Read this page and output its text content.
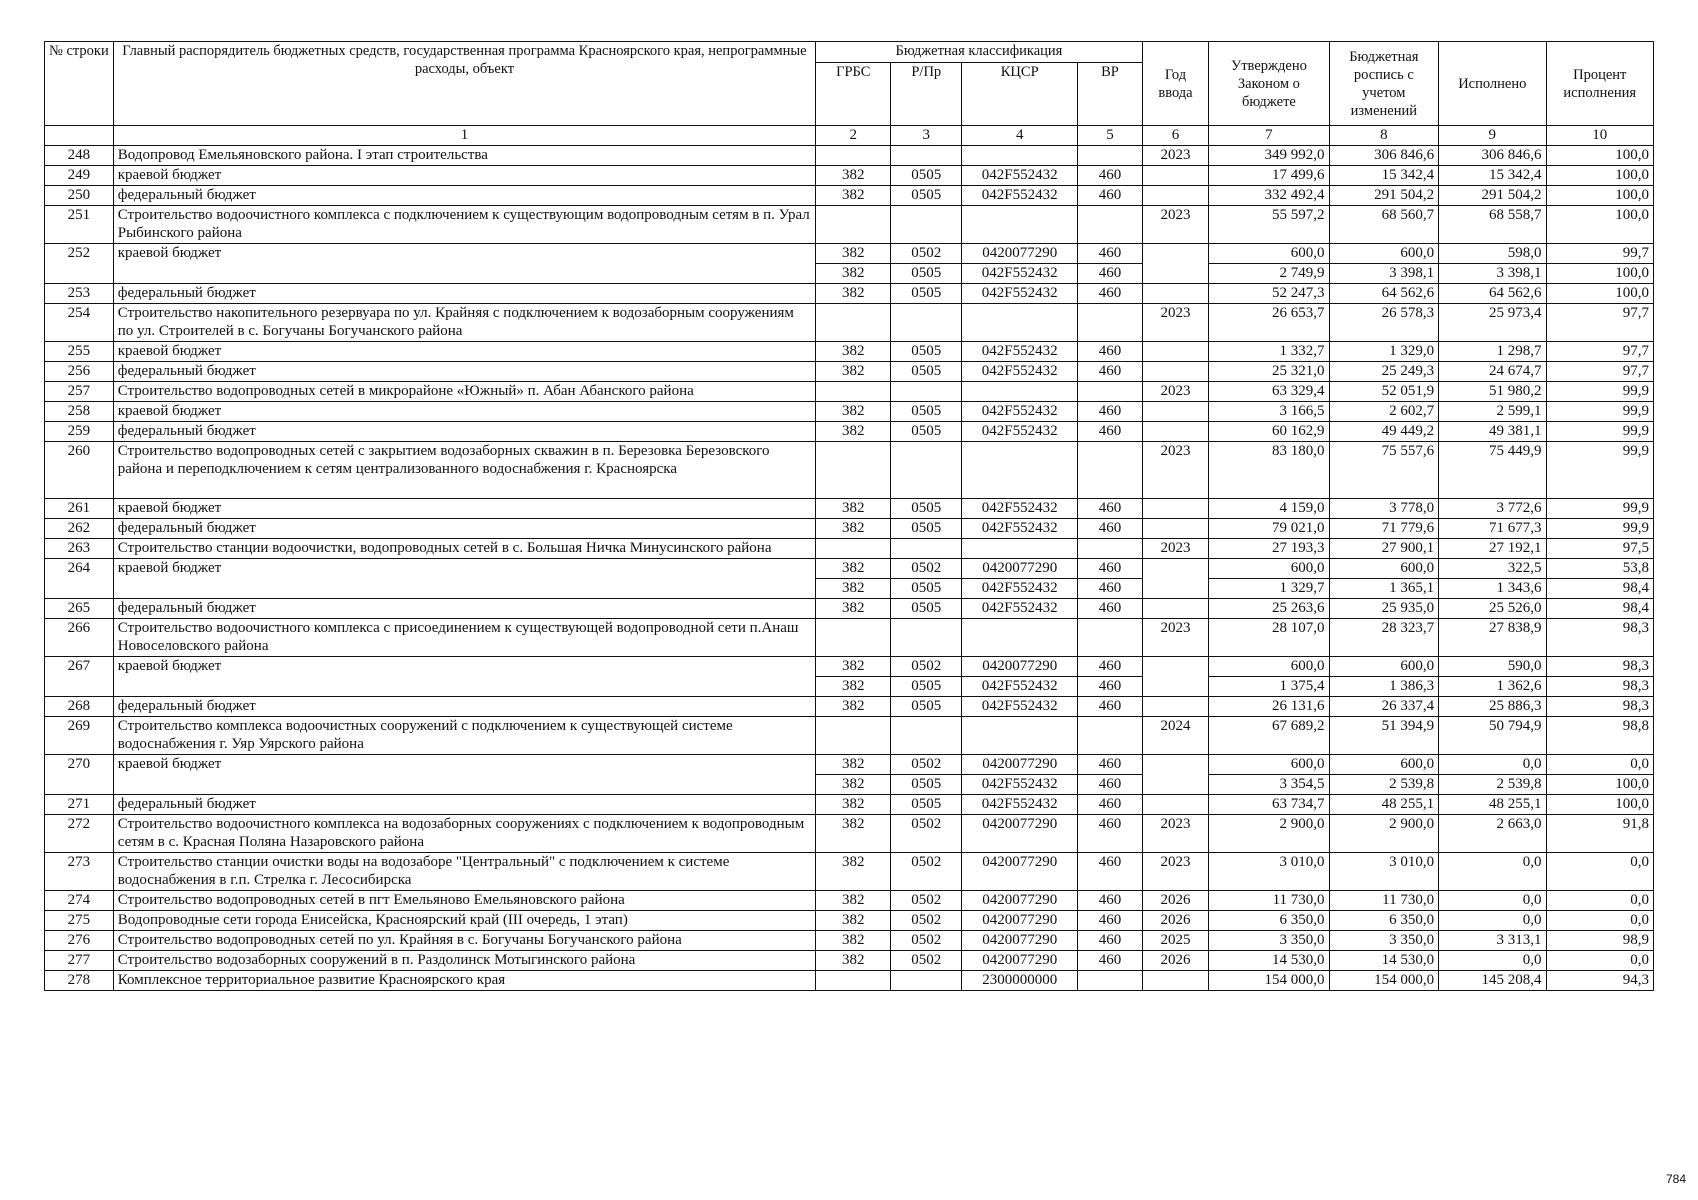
№ строки	Главный распорядитель бюджетных средств, государственная программа Красноярского края, непрограммные расходы, объект	Бюджетная классификация				Год ввода	Утверждено Законом о бюджете	Бюджетная роспись с учетом изменений	Исполнено	Процент исполнения
		ГРБС	Р/Пр	КЦСР	ВР					
	1	2	3	4	5	6	7	8	9	10
248	Водопровод Емельяновского района. I этап строительства					2023	349 992,0	306 846,6	306 846,6	100,0
249	краевой бюджет	382	0505	042F552432	460		17 499,6	15 342,4	15 342,4	100,0
250	федеральный бюджет	382	0505	042F552432	460		332 492,4	291 504,2	291 504,2	100,0
251	Строительство водоочистного комплекса с подключением к существующим водопроводным сетям в п. Урал Рыбинского района					2023	55 597,2	68 560,7	68 558,7	100,0
252	краевой бюджет	382	0502	0420077290	460		600,0	600,0	598,0	99,7
		382	0505	042F552432	460		2 749,9	3 398,1	3 398,1	100,0
253	федеральный бюджет	382	0505	042F552432	460		52 247,3	64 562,6	64 562,6	100,0
254	Строительство накопительного резервуара по ул. Крайняя с подключением к водозаборным сооружениям по ул. Строителей в с. Богучаны Богучанского района					2023	26 653,7	26 578,3	25 973,4	97,7
255	краевой бюджет	382	0505	042F552432	460		1 332,7	1 329,0	1 298,7	97,7
256	федеральный бюджет	382	0505	042F552432	460		25 321,0	25 249,3	24 674,7	97,7
257	Строительство водопроводных сетей в микрорайоне «Южный» п. Абан Абанского района					2023	63 329,4	52 051,9	51 980,2	99,9
258	краевой бюджет	382	0505	042F552432	460		3 166,5	2 602,7	2 599,1	99,9
259	федеральный бюджет	382	0505	042F552432	460		60 162,9	49 449,2	49 381,1	99,9
260	Строительство водопроводных сетей с закрытием водозаборных скважин в п. Березовка Березовского района и переподключением к сетям централизованного водоснабжения г. Красноярска					2023	83 180,0	75 557,6	75 449,9	99,9
261	краевой бюджет	382	0505	042F552432	460		4 159,0	3 778,0	3 772,6	99,9
262	федеральный бюджет	382	0505	042F552432	460		79 021,0	71 779,6	71 677,3	99,9
263	Строительство станции водоочистки, водопроводных сетей в с. Большая Ничка Минусинского района					2023	27 193,3	27 900,1	27 192,1	97,5
264	краевой бюджет	382	0502	0420077290	460		600,0	600,0	322,5	53,8
		382	0505	042F552432	460		1 329,7	1 365,1	1 343,6	98,4
265	федеральный бюджет	382	0505	042F552432	460		25 263,6	25 935,0	25 526,0	98,4
266	Строительство водоочистного комплекса с присоединением к существующей водопроводной сети п.Анаш Новоселовского района					2023	28 107,0	28 323,7	27 838,9	98,3
267	краевой бюджет	382	0502	0420077290	460		600,0	600,0	590,0	98,3
		382	0505	042F552432	460		1 375,4	1 386,3	1 362,6	98,3
268	федеральный бюджет	382	0505	042F552432	460		26 131,6	26 337,4	25 886,3	98,3
269	Строительство комплекса водоочистных сооружений с подключением к существующей системе водоснабжения г. Уяр Уярского района					2024	67 689,2	51 394,9	50 794,9	98,8
270	краевой бюджет	382	0502	0420077290	460		600,0	600,0	0,0	0,0
		382	0505	042F552432	460		3 354,5	2 539,8	2 539,8	100,0
271	федеральный бюджет	382	0505	042F552432	460		63 734,7	48 255,1	48 255,1	100,0
272	Строительство водоочистного комплекса на водозаборных сооружениях с подключением к водопроводным сетям в с. Красная Поляна Назаровского района	382	0502	0420077290	460	2023	2 900,0	2 900,0	2 663,0	91,8
273	Строительство станции очистки воды на водозаборе "Центральный" с подключением к системе водоснабжения в г.п. Стрелка г. Лесосибирска	382	0502	0420077290	460	2023	3 010,0	3 010,0	0,0	0,0
274	Строительство водопроводных сетей в пгт Емельяново Емельяновского района	382	0502	0420077290	460	2026	11 730,0	11 730,0	0,0	0,0
275	Водопроводные сети города Енисейска, Красноярский край (III очередь, 1 этап)	382	0502	0420077290	460	2026	6 350,0	6 350,0	0,0	0,0
276	Строительство водопроводных сетей по ул. Крайняя в с. Богучаны Богучанского района	382	0502	0420077290	460	2025	3 350,0	3 350,0	3 313,1	98,9
277	Строительство водозаборных сооружений в п. Раздолинск Мотыгинского района	382	0502	0420077290	460	2026	14 530,0	14 530,0	0,0	0,0
278	Комплексное территориальное развитие Красноярского края			2300000000			154 000,0	154 000,0	145 208,4	94,3
784
